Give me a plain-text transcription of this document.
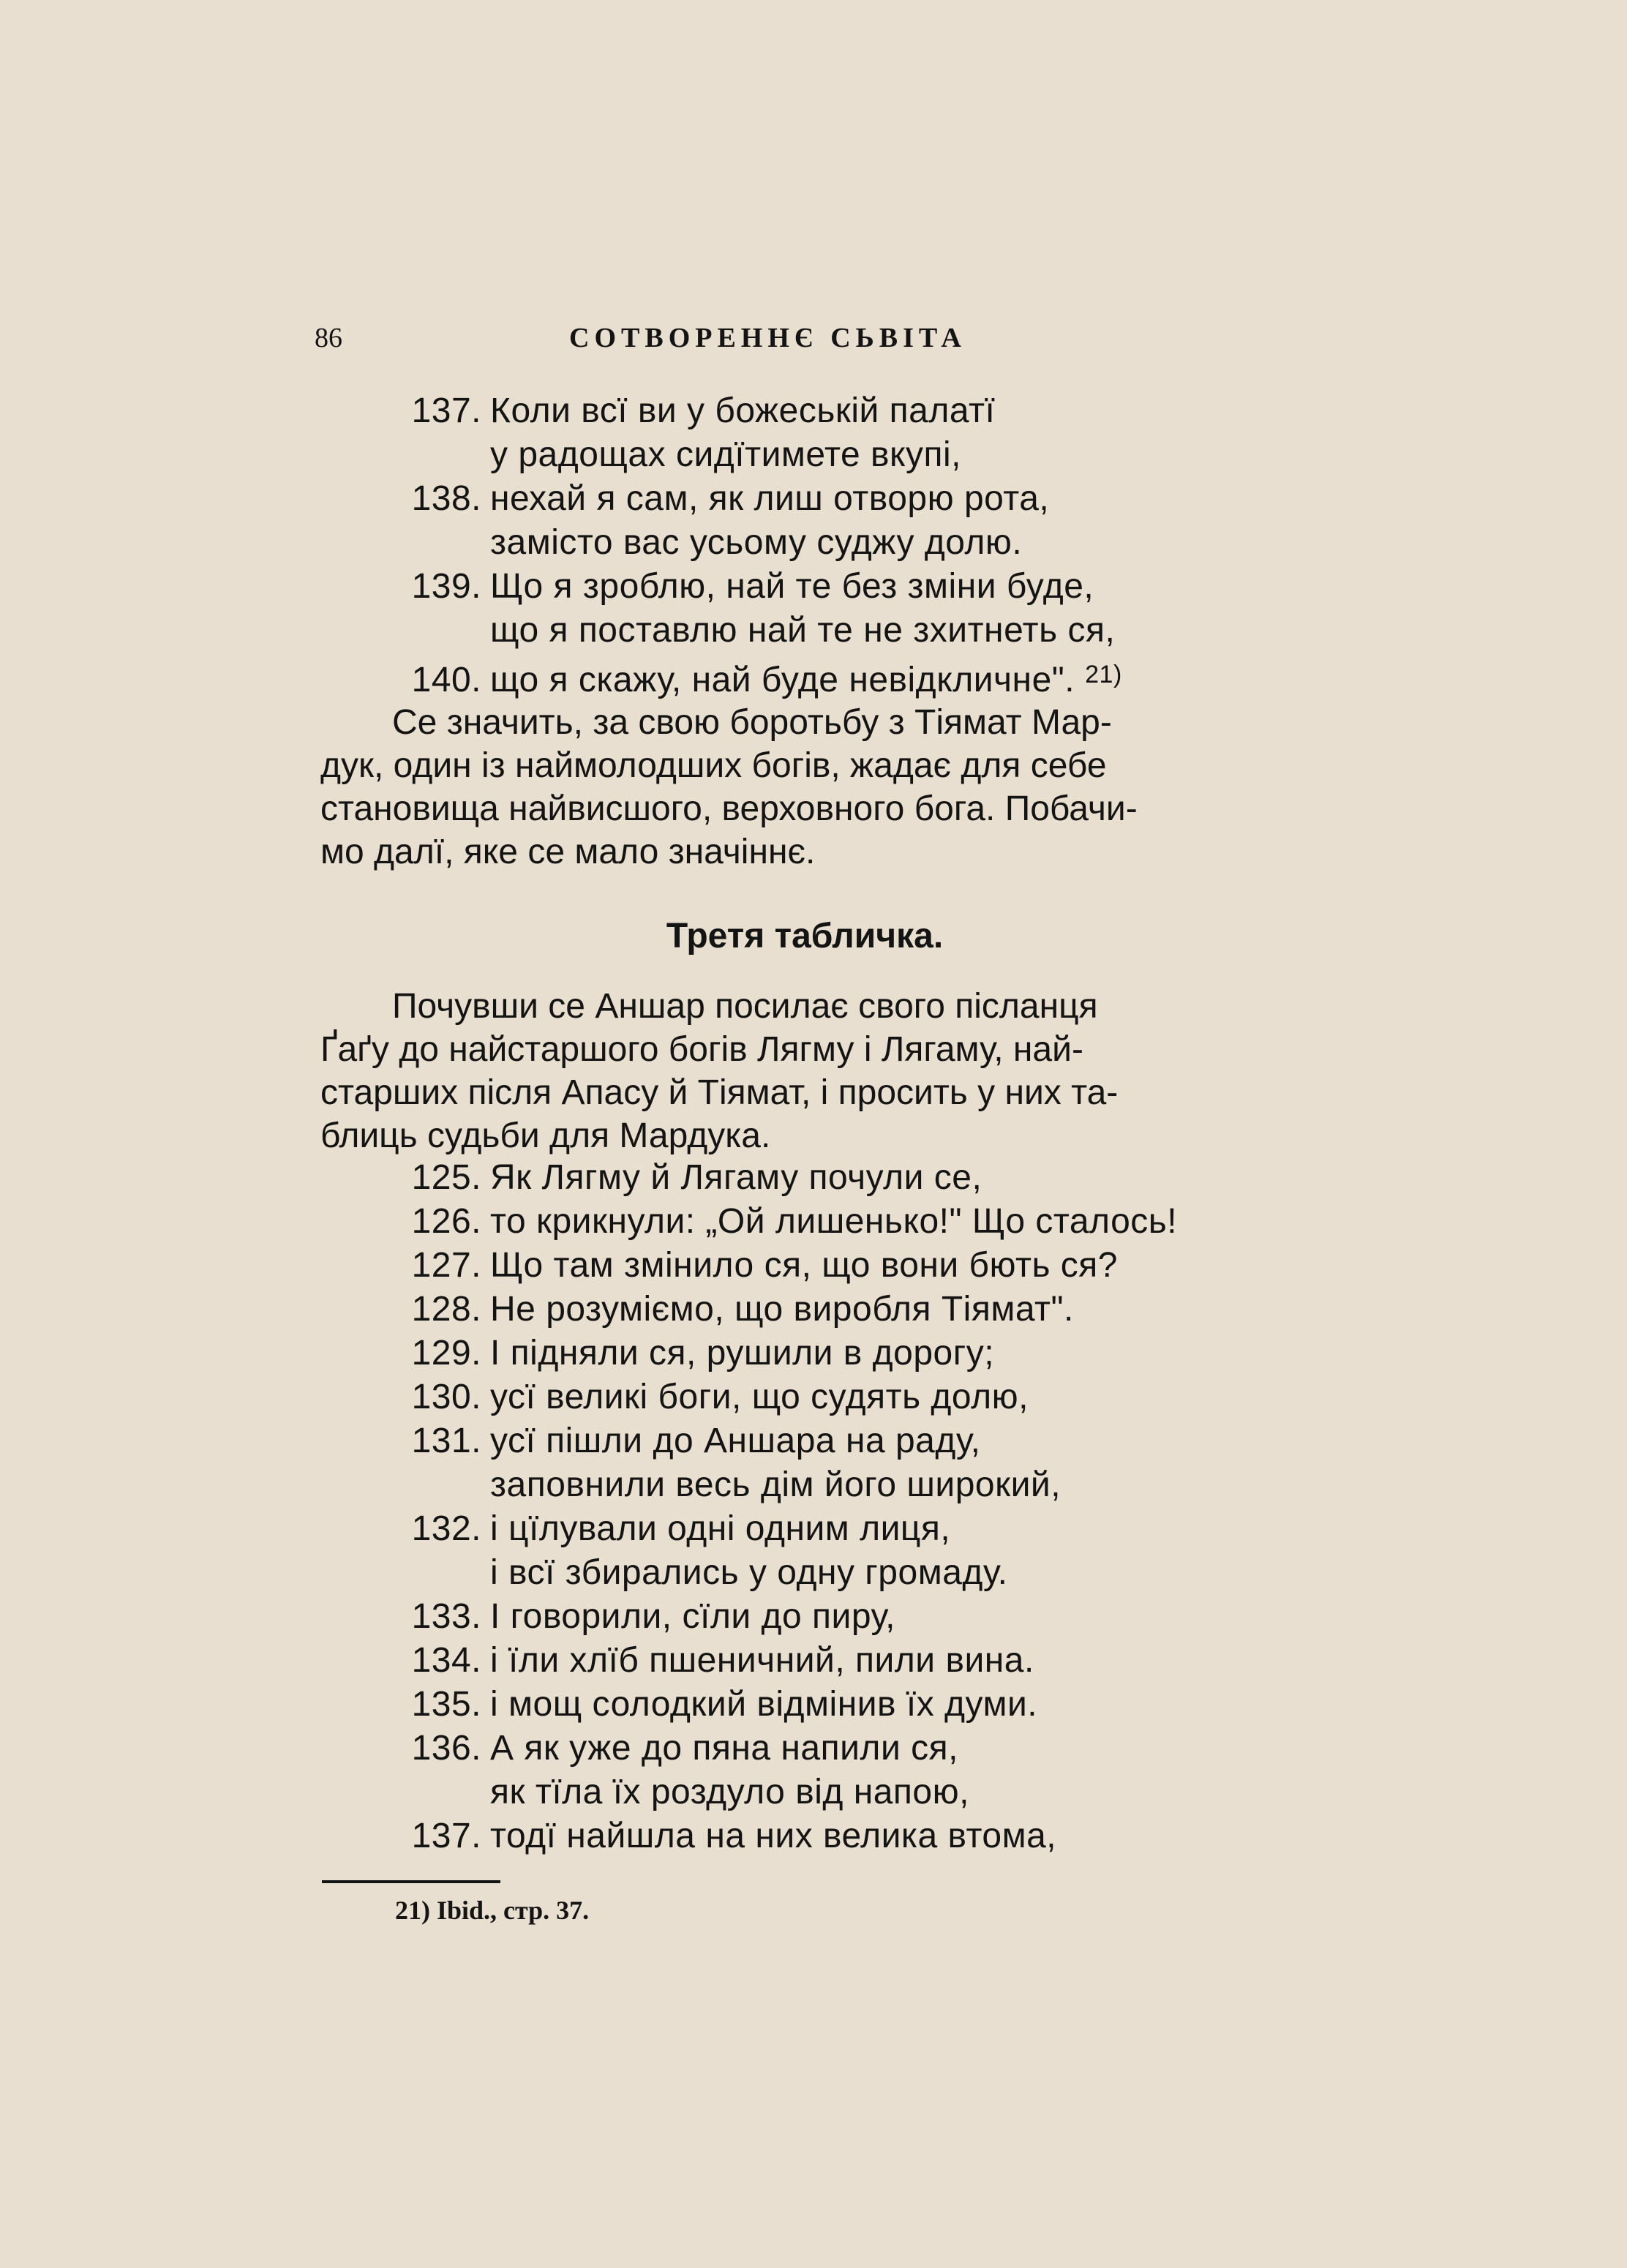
86	СОТВОРЕННЄ СЬВІТА
137. Коли всї ви у божеській палатї
у радощах сидїтимете вкупі,
138. нехай я сам, як лиш отворю рота,
замісто вас усьому суджу долю.
139. Що я зроблю, най те без зміни буде,
що я поставлю най те не зхитнеть ся,
140. що я скажу, най буде невідкличне". $^{21)}$
Се значить, за свою боротьбу з Тіямат Мар-
дук, один із наймолодших богів, жадає для себе
становища найвисшого, верховного бога. Побачи-
мо далї, яке се мало значіннє.
Третя табличка.
Почувши се Аншар посилає свого післанця
Ґаґу до найстаршого богів Лягму і Лягаму, най-
старших після Апасу й Тіямат, і просить у них та-
блиць судьби для Мардука.
125. Як Лягму й Лягаму почули се,
126. то крикнули: „Ой лишенько!" Що сталось!
127. Що там змінило ся, що вони бють ся?
128. Не розуміємо, що виробля Тіямат".
129. І підняли ся, рушили в дорогу;
130. усї великі боги, що судять долю,
131. усї пішли до Аншара на раду,
заповнили весь дім його широкий,
132. і цїлували одні одним лиця,
і всї збирались у одну громаду.
133. І говорили, сїли до пиру,
134. і їли хлїб пшеничний, пили вина.
135. і мощ солодкий відмінив їх думи.
136. А як уже до пяна напили ся,
як тїла їх роздуло від напою,
137. тодї найшла на них велика втома,
21) Ibid., стр. 37.
